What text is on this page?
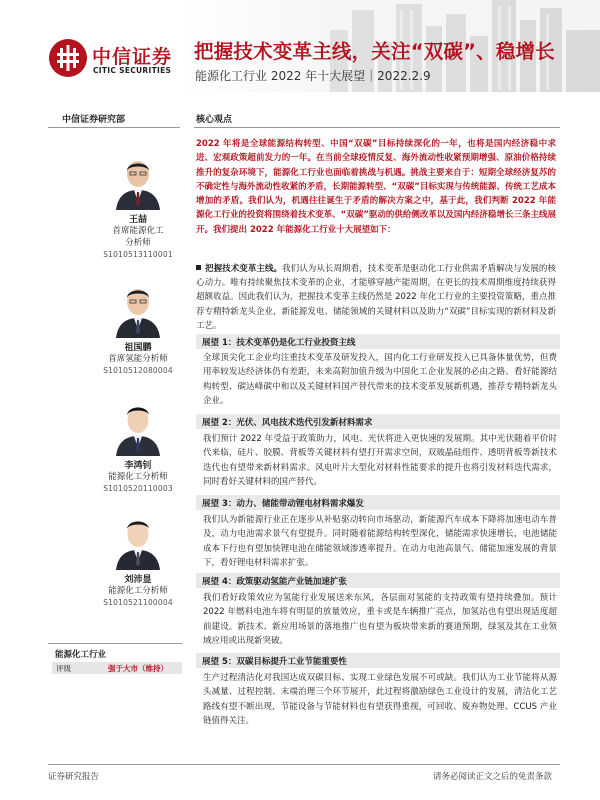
中信证券
CITIC SECURITIES
把握技术变革主线，关注“双碳”、稳增长
能源化工行业 2022 年十大展望｜2022.2.9
中信证券研究部	核心观点
王喆
首席能源化工
分析师
S1010513110001
祖国鹏
首席氢能分析师
S1010512080004
李鸿钊
能源化工分析师
S1010520110003
刘沛显
能源化工分析师
S1010521100004
能源化工行业
评级	强于大市（维持）
2022 年将是全球能源结构转型、中国“双碳”目标持续深化的一年，也将是国内经济稳中求进、宏观政策超前发力的一年。在当前全球疫情反复、海外流动性收紧预期增强、原油价格持续推升的复杂环境下，能源化工行业也面临着挑战与机遇。挑战主要来自于：短期全球经济复苏的不确定性与海外流动性收紧的矛盾，长期能源转型、“双碳”目标实现与传统能源、传统工艺成本增加的矛盾。我们认为，机遇往往诞生于矛盾的解决方案之中，基于此，我们判断 2022 年能源化工行业的投资将围绕着技术变革、“双碳”驱动的供给侧改革以及国内经济稳增长三条主线展开。我们提出 2022 年能源化工行业十大展望如下：
把握技术变革主线。我们认为从长周期看，技术变革是驱动化工行业供需矛盾解决与发展的核心动力。唯有持续聚焦技术变革的企业，才能够穿越产能周期，在更长的技术周期维度持续获得超额收益。因此我们认为，把握技术变革主线仍然是 2022 年化工行业的主要投资策略，重点推荐专精特新龙头企业，新能源发电、储能领域的关键材料以及助力“双碳”目标实现的新材料及新工艺。
展望 1：技术变革仍是化工行业投资主线
全球顶尖化工企业均注重技术变革及研发投入，国内化工行业研发投入已具备体量优势，但费用率较发达经济体仍有差距，未来高附加值升级为中国化工企业发展的必由之路。看好能源结构转型、碳达峰碳中和以及关键材料国产替代带来的技术变革发展新机遇，推荐专精特新龙头企业。
展望 2：光伏、风电技术迭代引发新材料需求
我们预计 2022 年受益于政策助力，风电、光伏将进入更快速的发展期。其中光伏随着平价时代来临，硅片、胶膜、背板等关键材料有望打开需求空间，双玻晶硅组件、透明背板等新技术迭代也有望带来新材料需求。风电叶片大型化对材料性能要求的提升也将引发材料迭代需求，同时看好关键材料的国产替代。
展望 3：动力、储能带动锂电材料需求爆发
我们认为新能源行业正在逐步从补贴驱动转向市场驱动，新能源汽车成本下降将加速电动车普及，动力电池需求景气有望提升。同时随着能源结构转型深化，储能需求快速增长，电池储能成本下行也有望加快锂电池在储能领域渗透率提升。在动力电池高景气、储能加速发展的背景下，看好锂电材料需求扩张。
展望 4：政策驱动氢能产业链加速扩张
我们看好政策效应为氢能行业发展送来东风，各层面对氢能的支持政策有望持续叠加。预计 2022 年燃料电池车将有明显的放量效应，重卡或是车辆推广亮点，加氢站也有望出现适度超前建设。新技术、新应用场景的落地推广也有望为板块带来新的赛道预期，绿氢及其在工业领域应用或出现新突破。
展望 5：双碳目标提升工业节能重要性
生产过程清洁化对我国达成双碳目标、实现工业绿色发展不可或缺。我们认为工业节能将从源头减量、过程控制、末端治理三个环节展开，此过程将激励绿色工业设计的发展，清洁化工艺路线有望不断出现，节能设备与节能材料也有望获得重视，可回收、废弃物处理、CCUS 产业链值得关注。
证券研究报告	请务必阅读正文之后的免责条款
